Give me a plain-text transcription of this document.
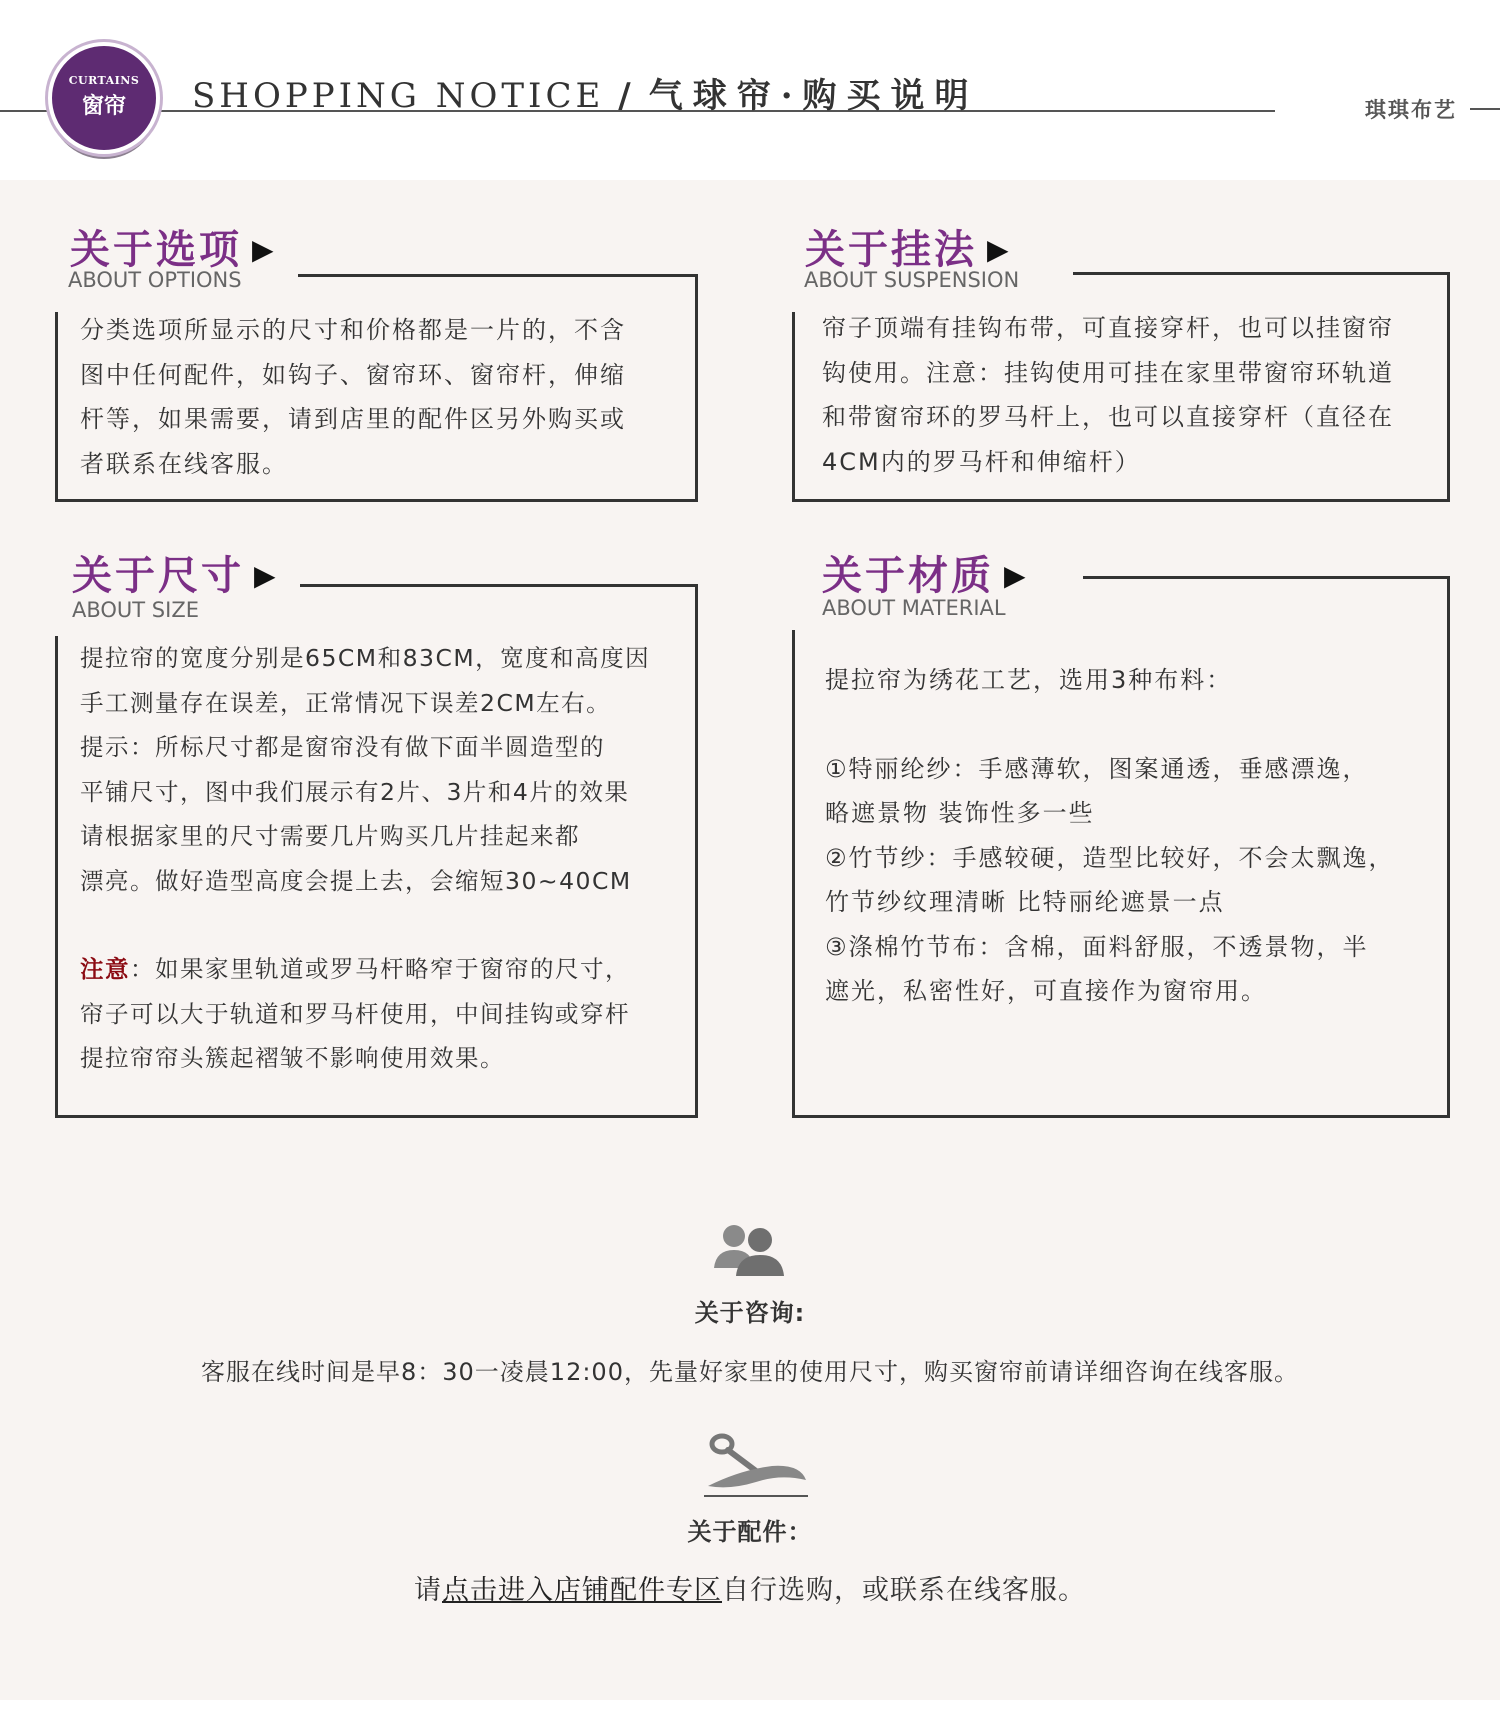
CURTAINS
窗帘	SHOPPING NOTICE / 气球帘·购买说明	琪琪布艺
关于选项 ▶
ABOUT OPTIONS

分类选项所显示的尺寸和价格都是一片的，不含

图中任何配件，如钩子、窗帘环、窗帘杆，伸缩

杆等，如果需要，请到店里的配件区另外购买或

者联系在线客服。

关于挂法 ▶
ABOUT SUSPENSION

帘子顶端有挂钩布带，可直接穿杆，也可以挂窗帘

钩使用。注意：挂钩使用可挂在家里带窗帘环轨道

和带窗帘环的罗马杆上，也可以直接穿杆（直径在

4CM内的罗马杆和伸缩杆）

关于尺寸 ▶
ABOUT SIZE

提拉帘的宽度分别是65CM和83CM，宽度和高度因

手工测量存在误差，正常情况下误差2CM左右。

提示：所标尺寸都是窗帘没有做下面半圆造型的

平铺尺寸，图中我们展示有2片、3片和4片的效果

请根据家里的尺寸需要几片购买几片挂起来都

漂亮。做好造型高度会提上去，会缩短30~40CM

注意：如果家里轨道或罗马杆略窄于窗帘的尺寸，

帘子可以大于轨道和罗马杆使用，中间挂钩或穿杆

提拉帘帘头簇起褶皱不影响使用效果。

关于材质 ▶
ABOUT MATERIAL

提拉帘为绣花工艺，选用3种布料：

①特丽纶纱：手感薄软，图案通透，垂感漂逸，

略遮景物 装饰性多一些

②竹节纱：手感较硬，造型比较好，不会太飘逸，

竹节纱纹理清晰 比特丽纶遮景一点

③涤棉竹节布：含棉，面料舒服，不透景物，半

遮光，私密性好，可直接作为窗帘用。

关于咨询:
客服在线时间是早8：30一凌晨12:00，先量好家里的使用尺寸，购买窗帘前请详细咨询在线客服。
关于配件：
请点击进入店铺配件专区自行选购，或联系在线客服。
